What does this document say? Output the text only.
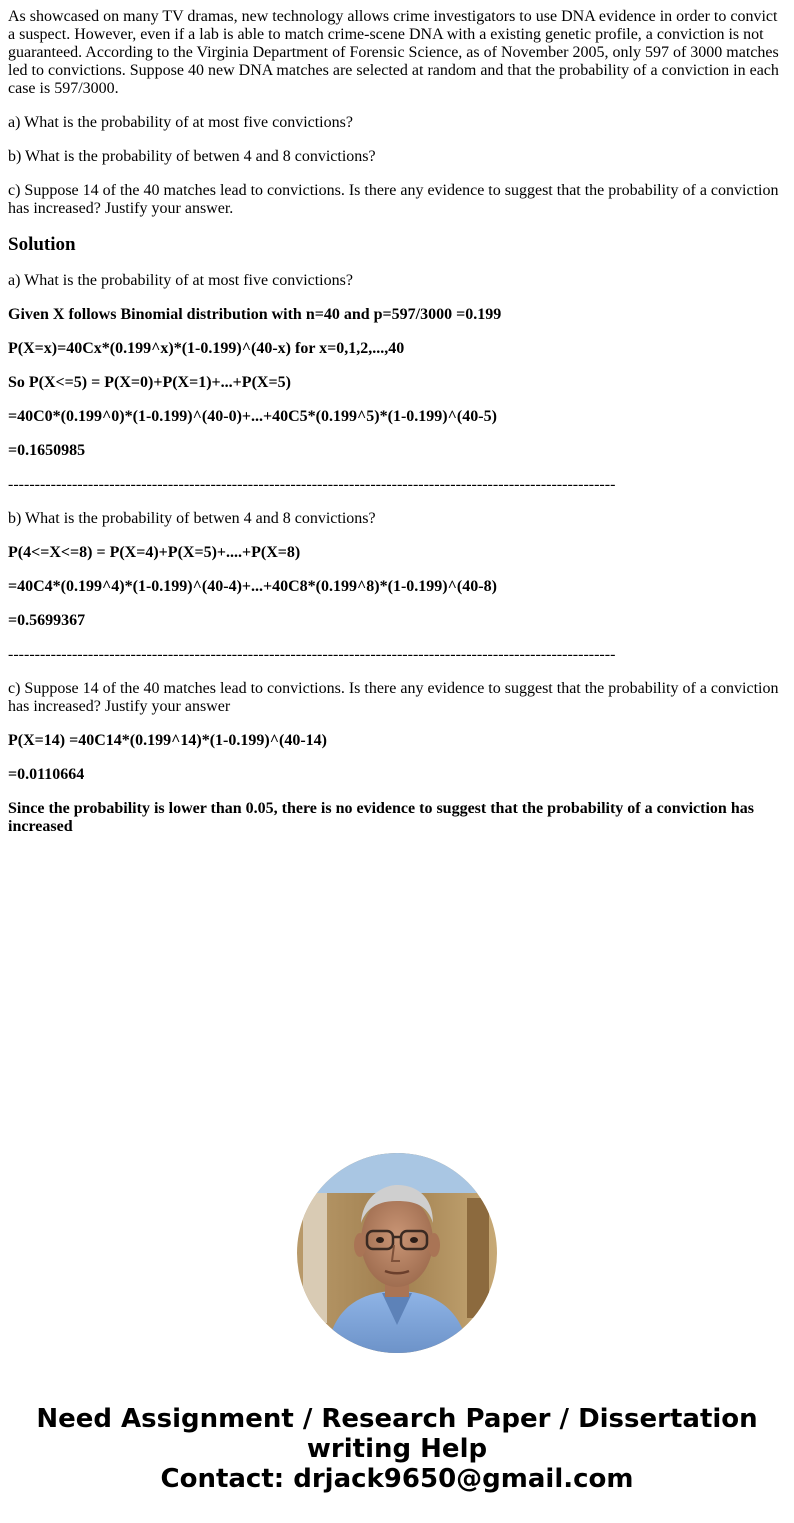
As showcased on many TV dramas, new technology allows crime investigators to use DNA evidence in order to convict a suspect. However, even if a lab is able to match crime-scene DNA with a existing genetic profile, a conviction is not guaranteed. According to the Virginia Department of Forensic Science, as of November 2005, only 597 of 3000 matches led to convictions. Suppose 40 new DNA matches are selected at random and that the probability of a conviction in each case is 597/3000.

a) What is the probability of at most five convictions?

b) What is the probability of betwen 4 and 8 convictions?

c) Suppose 14 of the 40 matches lead to convictions. Is there any evidence to suggest that the probability of a conviction has increased? Justify your answer.

Solution

a) What is the probability of at most five convictions?

Given X follows Binomial distribution with n=40 and p=597/3000 =0.199

P(X=x)=40Cx*(0.199^x)*(1-0.199)^(40-x) for x=0,1,2,...,40

So P(X<=5) = P(X=0)+P(X=1)+...+P(X=5)

=40C0*(0.199^0)*(1-0.199)^(40-0)+...+40C5*(0.199^5)*(1-0.199)^(40-5)

=0.1650985

------------------------------------------------------------------------------------------------------------------

b) What is the probability of betwen 4 and 8 convictions?

P(4<=X<=8) = P(X=4)+P(X=5)+....+P(X=8)

=40C4*(0.199^4)*(1-0.199)^(40-4)+...+40C8*(0.199^8)*(1-0.199)^(40-8)

=0.5699367

------------------------------------------------------------------------------------------------------------------

c) Suppose 14 of the 40 matches lead to convictions. Is there any evidence to suggest that the probability of a conviction has increased? Justify your answer

P(X=14) =40C14*(0.199^14)*(1-0.199)^(40-14)

=0.0110664

Since the probability is lower than 0.05, there is no evidence to suggest that the probability of a conviction has increased

Need Assignment / Research Paper / Dissertation
writing Help
Contact: drjack9650@gmail.com
